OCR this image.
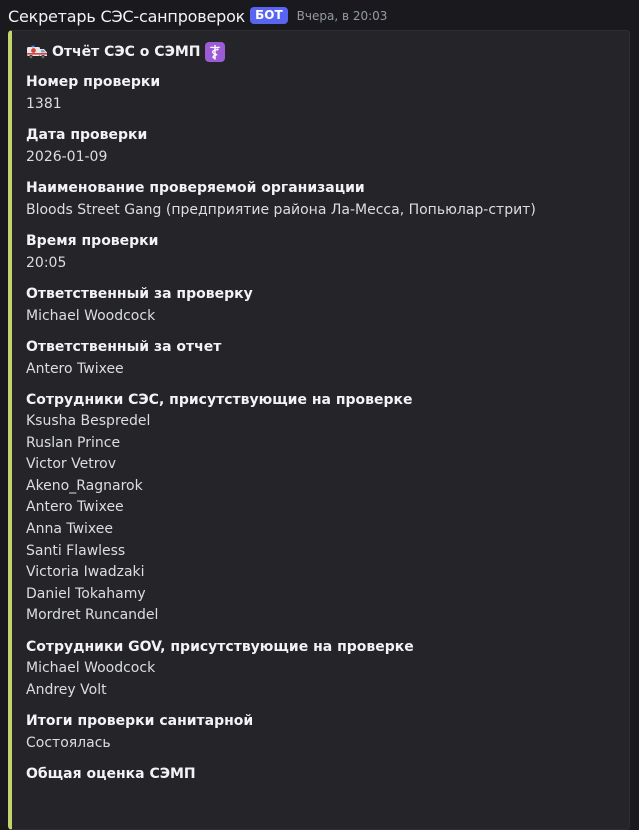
Секретарь СЭС-санпроверок БОТ	Вчера, в 20:03
Отчёт СЭС о СЭМП
Номер проверки
1381
Дата проверки
2026-01-09
Наименование проверяемой организации
Bloods Street Gang (предприятие района Ла-Месса, Попьюлар-стрит)
Время проверки
20:05
Ответственный за проверку
Michael Woodcock
Ответственный за отчет
Antero Twixee
Сотрудники СЭС, присутствующие на проверке
Ksusha Bespredel
Ruslan Prince
Victor Vetrov
Akeno_Ragnarok
Antero Twixee
Anna Twixee
Santi Flawless
Victoria Iwadzaki
Daniel Tokahamy
Mordret Runcandel
Сотрудники GOV, присутствующие на проверке
Michael Woodcock
Andrey Volt
Итоги проверки санитарной
Состоялась
Общая оценка СЭМП
